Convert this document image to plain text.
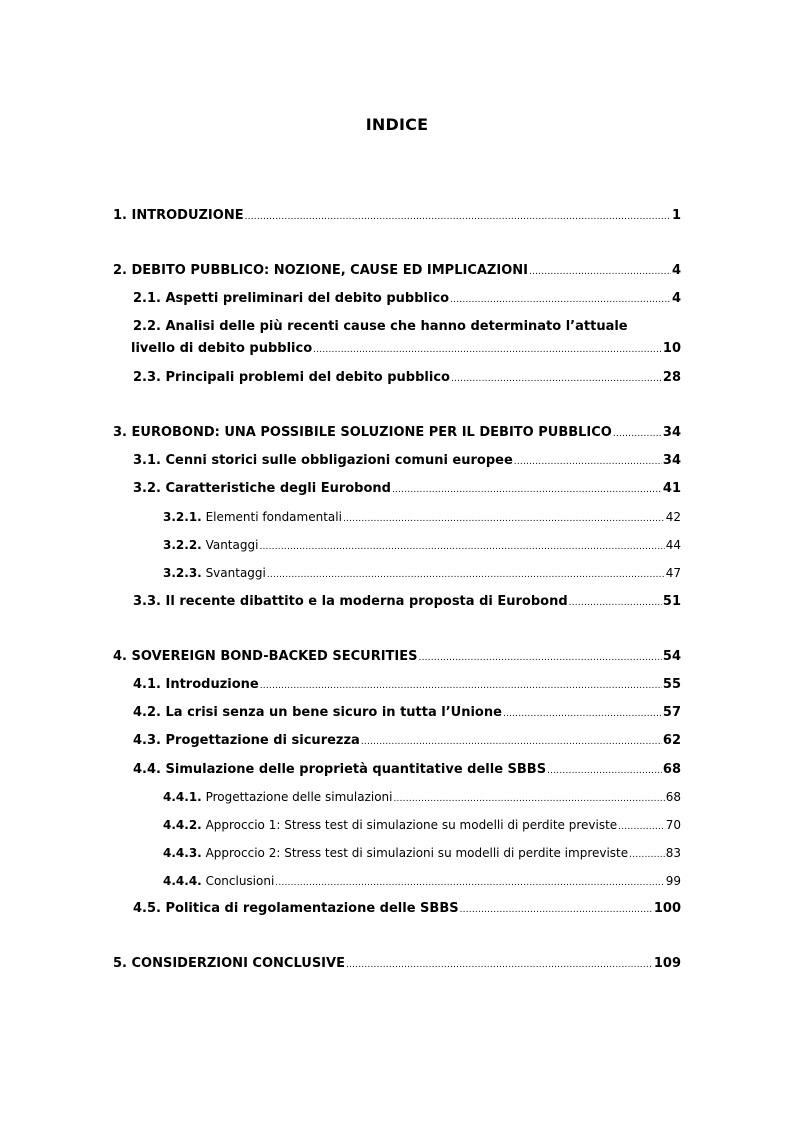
INDICE
1. INTRODUZIONE .....	1
2. DEBITO PUBBLICO: NOZIONE, CAUSE ED IMPLICAZIONI .....	4
2.1. Aspetti preliminari del debito pubblico .....	4
2.2. Analisi delle più recenti cause che hanno determinato l’attuale
livello di debito pubblico .....	10
2.3. Principali problemi del debito pubblico .....	28
3. EUROBOND: UNA POSSIBILE SOLUZIONE PER IL DEBITO PUBBLICO .....	34
3.1. Cenni storici sulle obbligazioni comuni europee .....	34
3.2. Caratteristiche degli Eurobond .....	41
3.2.1. Elementi fondamentali .....	42
3.2.2. Vantaggi .....	44
3.2.3. Svantaggi .....	47
3.3. Il recente dibattito e la moderna proposta di Eurobond .....	51
4. SOVEREIGN BOND-BACKED SECURITIES .....	54
4.1. Introduzione .....	55
4.2. La crisi senza un bene sicuro in tutta l’Unione .....	57
4.3. Progettazione di sicurezza .....	62
4.4. Simulazione delle proprietà quantitative delle SBBS .....	68
4.4.1. Progettazione delle simulazioni .....	68
4.4.2. Approccio 1: Stress test di simulazione su modelli di perdite previste .....	70
4.4.3. Approccio 2: Stress test di simulazioni su modelli di perdite impreviste .....	83
4.4.4. Conclusioni .....	99
4.5. Politica di regolamentazione delle SBBS .....	100
5. CONSIDERZIONI CONCLUSIVE .....	109
